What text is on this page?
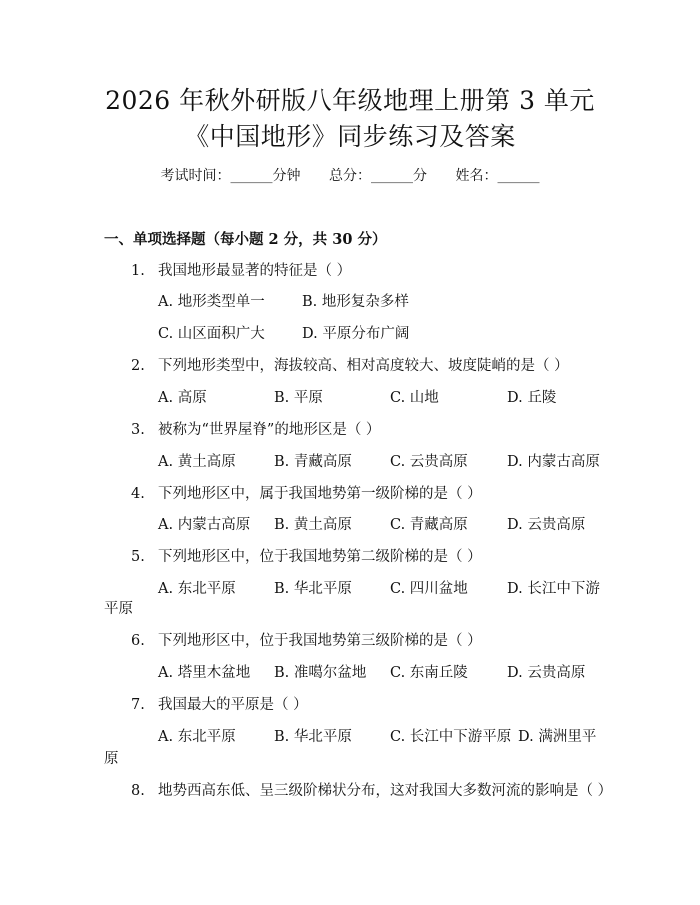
2026 年秋外研版八年级地理上册第 3 单元
《中国地形》同步练习及答案
考试时间：______分钟 总分：______分 姓名：______
一、单项选择题（每小题 2 分，共 30 分）
1. 我国地形最显著的特征是（ ）
A. 地形类型单一	B. 地形复杂多样
C. 山区面积广大	D. 平原分布广阔
2. 下列地形类型中，海拔较高、相对高度较大、坡度陡峭的是（ ）
A. 高原	B. 平原	C. 山地	D. 丘陵
3. 被称为“世界屋脊”的地形区是（ ）
A. 黄土高原	B. 青藏高原	C. 云贵高原	D. 内蒙古高原
4. 下列地形区中，属于我国地势第一级阶梯的是（ ）
A. 内蒙古高原 B. 黄土高原	C. 青藏高原	D. 云贵高原
5. 下列地形区中，位于我国地势第二级阶梯的是（ ）
A. 东北平原	B. 华北平原	C. 四川盆地	D. 长江中下游
平原
6. 下列地形区中，位于我国地势第三级阶梯的是（ ）
A. 塔里木盆地 B. 准噶尔盆地 C. 东南丘陵	D. 云贵高原
7. 我国最大的平原是（ ）
A. 东北平原	B. 华北平原	C. 长江中下游平原 D. 满洲里平
原
8. 地势西高东低、呈三级阶梯状分布，这对我国大多数河流的影响是（ ）
